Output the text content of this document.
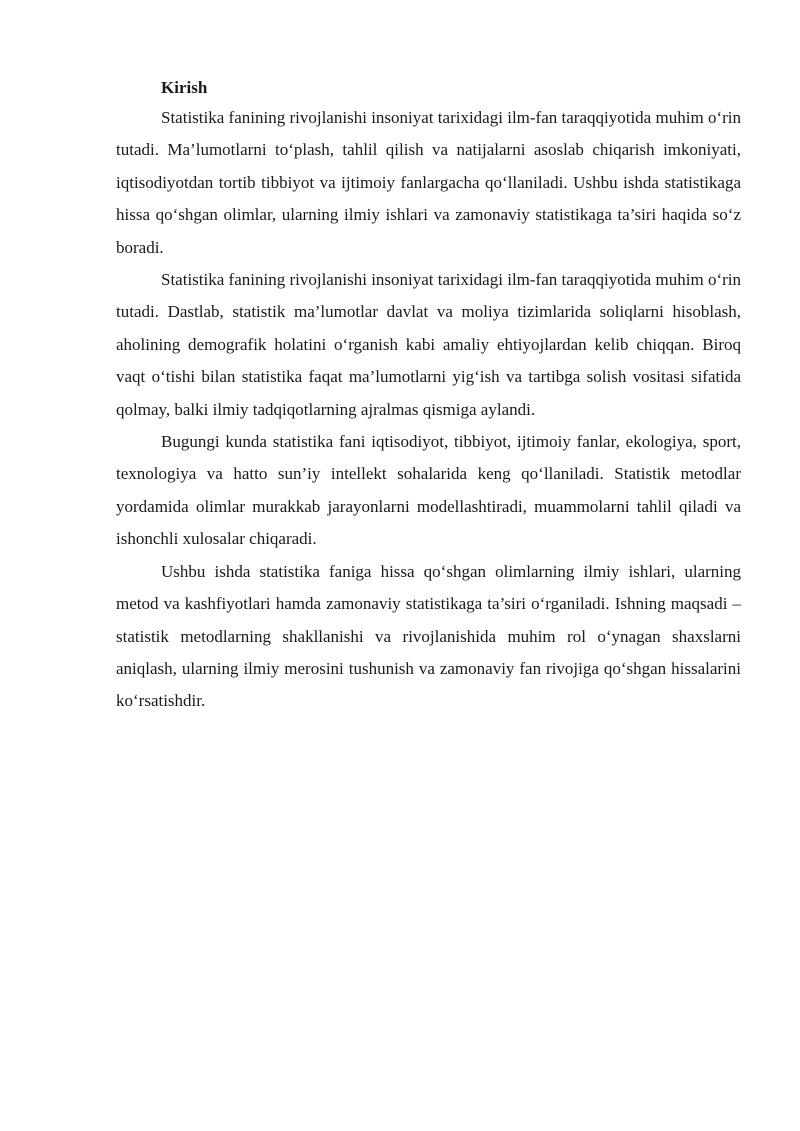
Kirish

Statistika fanining rivojlanishi insoniyat tarixidagi ilm-fan taraqqiyotida muhim o‘rin tutadi. Ma’lumotlarni to‘plash, tahlil qilish va natijalarni asoslab chiqarish imkoniyati, iqtisodiyotdan tortib tibbiyot va ijtimoiy fanlargacha qo‘llaniladi. Ushbu ishda statistikaga hissa qo‘shgan olimlar, ularning ilmiy ishlari va zamonaviy statistikaga ta’siri haqida so‘z boradi.

Statistika fanining rivojlanishi insoniyat tarixidagi ilm-fan taraqqiyotida muhim o‘rin tutadi. Dastlab, statistik ma’lumotlar davlat va moliya tizimlarida soliqlarni hisoblash, aholining demografik holatini o‘rganish kabi amaliy ehtiyojlardan kelib chiqqan. Biroq vaqt o‘tishi bilan statistika faqat ma’lumotlarni yig‘ish va tartibga solish vositasi sifatida qolmay, balki ilmiy tadqiqotlarning ajralmas qismiga aylandi.

Bugungi kunda statistika fani iqtisodiyot, tibbiyot, ijtimoiy fanlar, ekologiya, sport, texnologiya va hatto sun’iy intellekt sohalarida keng qo‘llaniladi. Statistik metodlar yordamida olimlar murakkab jarayonlarni modellashtiradi, muammolarni tahlil qiladi va ishonchli xulosalar chiqaradi.

Ushbu ishda statistika faniga hissa qo‘shgan olimlarning ilmiy ishlari, ularning metod va kashfiyotlari hamda zamonaviy statistikaga ta’siri o‘rganiladi. Ishning maqsadi – statistik metodlarning shakllanishi va rivojlanishida muhim rol o‘ynagan shaxslarni aniqlash, ularning ilmiy merosini tushunish va zamonaviy fan rivojiga qo‘shgan hissalarini ko‘rsatishdir.
